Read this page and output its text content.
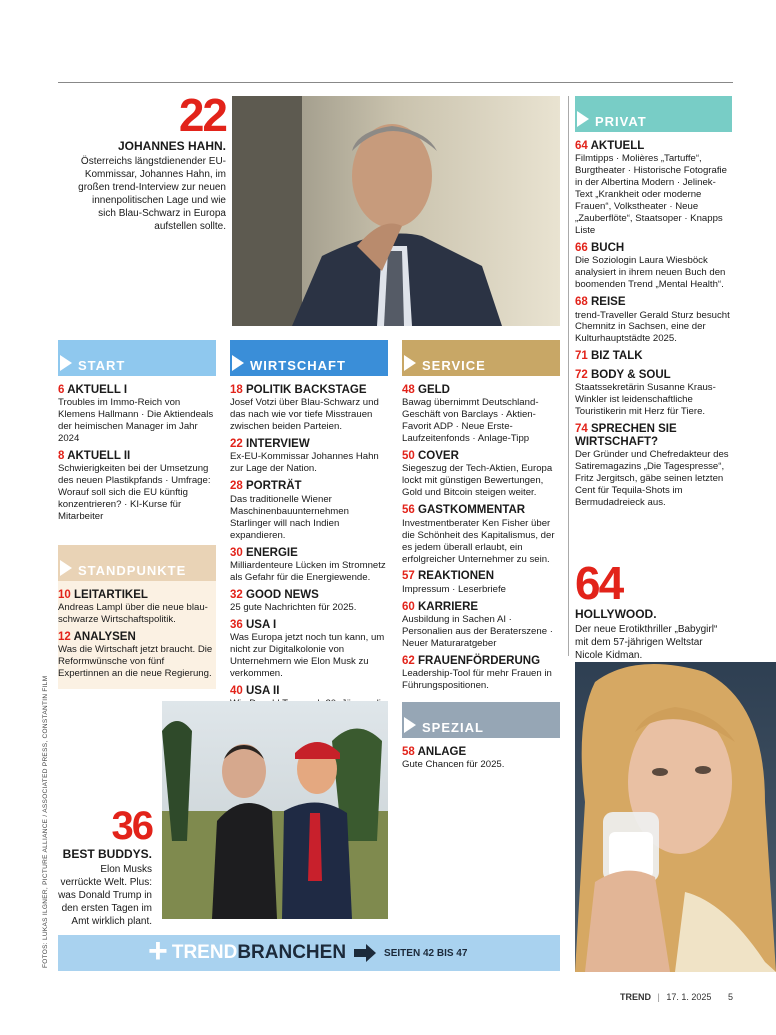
22
JOHANNES HAHN.
Österreichs längstdienender EU-Kommissar, Johannes Hahn, im großen trend-Interview zur neuen innenpolitischen Lage und wie sich Blau-Schwarz in Europa aufstellen sollte.
START
6 AKTUELL I
Troubles im Immo-Reich von Klemens Hallmann · Die Aktiendeals der heimischen Manager im Jahr 2024
8 AKTUELL II
Schwierigkeiten bei der Umsetzung des neuen Plastikpfands · Umfrage: Worauf soll sich die EU künftig konzentrieren? · KI-Kurse für Mitarbeiter
STANDPUNKTE
10 LEITARTIKEL
Andreas Lampl über die neue blau-schwarze Wirtschaftspolitik.
12 ANALYSEN
Was die Wirtschaft jetzt braucht. Die Reformwünsche von fünf Expertinnen an die neue Regierung.
WIRTSCHAFT
18 POLITIK BACKSTAGE
Josef Votzi über Blau-Schwarz und das nach wie vor tiefe Misstrauen zwischen beiden Parteien.
22 INTERVIEW
Ex-EU-Kommissar Johannes Hahn zur Lage der Nation.
28 PORTRÄT
Das traditionelle Wiener Maschinenbauunternehmen Starlinger will nach Indien expandieren.
30 ENERGIE
Milliardenteure Lücken im Stromnetz als Gefahr für die Energiewende.
32 GOOD NEWS
25 gute Nachrichten für 2025.
36 USA I
Was Europa jetzt noch tun kann, um nicht zur Digitalkolonie von Unternehmern wie Elon Musk zu verkommen.
40 USA II
SERVICE
48 GELD
Bawag übernimmt Deutschland-Geschäft von Barclays · Aktien-Favorit ADP · Neue Erste-Laufzeitenfonds · Anlage-Tipp
50 COVER
Siegeszug der Tech-Aktien, Europa lockt mit günstigen Bewertungen, Gold und Bitcoin steigen weiter.
56 GASTKOMMENTAR
Investmentberater Ken Fisher über die Schönheit des Kapitalismus, der es jedem überall erlaubt, ein erfolgreicher Unternehmer zu sein.
57 REAKTIONEN
Impressum · Leserbriefe
60 KARRIERE
Ausbildung in Sachen AI · Personalien aus der Beraterszene · Neuer Maturaratgeber
62 FRAUENFÖRDERUNG
Leadership-Tool für mehr Frauen in Führungspositionen.
SPEZIAL
58 ANLAGE
Gute Chancen für 2025.
PRIVAT
64 AKTUELL
Filmtipps · Molières „Tartuffe“, Burgtheater · Historische Fotografie in der Albertina Modern · Jelinek-Text „Krankheit oder moderne Frauen“, Volkstheater · Neue „Zauberflöte“, Staatsoper · Knapps Liste
66 BUCH
Die Soziologin Laura Wiesböck analysiert in ihrem neuen Buch den boomenden Trend „Mental Health“.
68 REISE
trend-Traveller Gerald Sturz besucht Chemnitz in Sachsen, eine der Kulturhauptstädte 2025.
71 BIZ TALK
72 BODY & SOUL
Staatssekretärin Susanne Kraus-Winkler ist leidenschaftliche Touristikerin mit Herz für Tiere.
74 SPRECHEN SIE WIRTSCHAFT?
Der Gründer und Chefredakteur des Satiremagazins „Die Tagespresse“, Fritz Jergitsch, gäbe seinen letzten Cent für Tequila-Shots im Bermudadreieck aus.
64
HOLLYWOOD.
Der neue Erotikthriller „Babygirl“ mit dem 57-jährigen Weltstar Nicole Kidman.
36
BEST BUDDYS.
Elon Musks verrückte Welt. Plus: was Donald Trump in den ersten Tagen im Amt wirklich plant.
FOTOS: LUKAS ILGNER, PICTURE ALLIANCE / ASSOCIATED PRESS, CONSTANTIN FILM	+ TREND BRANCHEN	SEITEN 42 BIS 47
TREND | 17. 1. 2025 5
